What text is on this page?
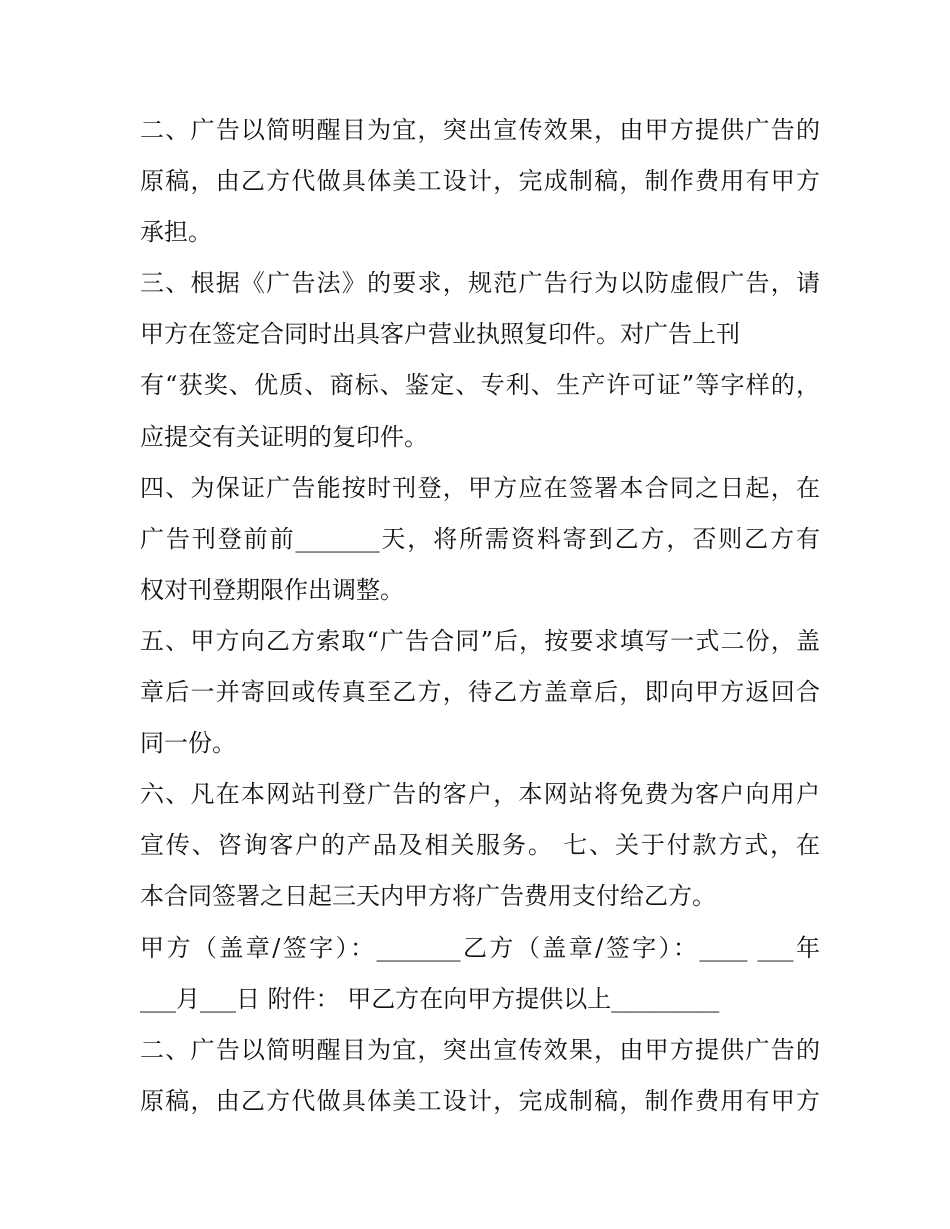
二、广告以简明醒目为宜，突出宣传效果，由甲方提供广告的
原稿，由乙方代做具体美工设计，完成制稿，制作费用有甲方
承担。
三、根据《广告法》的要求，规范广告行为以防虚假广告，请
甲方在签定合同时出具客户营业执照复印件。对广告上刊
有“获奖、优质、商标、鉴定、专利、生产许可证”等字样的，
应提交有关证明的复印件。
四、为保证广告能按时刊登，甲方应在签署本合同之日起，在
广告刊登前前_______天，将所需资料寄到乙方，否则乙方有
权对刊登期限作出调整。
五、甲方向乙方索取“广告合同”后，按要求填写一式二份，盖
章后一并寄回或传真至乙方，待乙方盖章后，即向甲方返回合
同一份。
六、凡在本网站刊登广告的客户，本网站将免费为客户向用户
宣传、咨询客户的产品及相关服务。 七、关于付款方式，在
本合同签署之日起三天内甲方将广告费用支付给乙方。
甲方（盖章/签字）：_______乙方（盖章/签字）：____ ___年
___月___日 附件： 甲乙方在向甲方提供以上_________
二、广告以简明醒目为宜，突出宣传效果，由甲方提供广告的
原稿，由乙方代做具体美工设计，完成制稿，制作费用有甲方
